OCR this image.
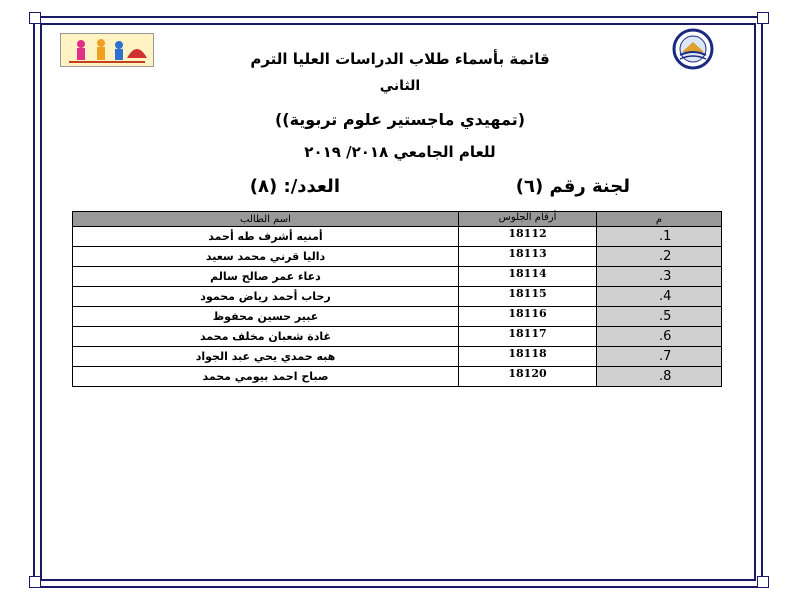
قائمة بأسماء طلاب الدراسات العليا الترم
الثاني
(تمهيدي ماجستير علوم تربوية))
للعام الجامعي ٢٠١٨/ ٢٠١٩
لجنة رقم (٦)
العدد/: (٨)
م	أرقام الجلوس	اسم الطالب
1.	18112	أمنيه أشرف طه أحمد
2.	18113	داليا قرني محمد سعيد
3.	18114	دعاء عمر صالح سالم
4.	18115	رحاب أحمد رياض محمود
5.	18116	عبير حسين محفوظ
6.	18117	غادة شعبان مخلف محمد
7.	18118	هبه حمدي يحي عبد الجواد
8.	18120	صباح احمد بيومي محمد
